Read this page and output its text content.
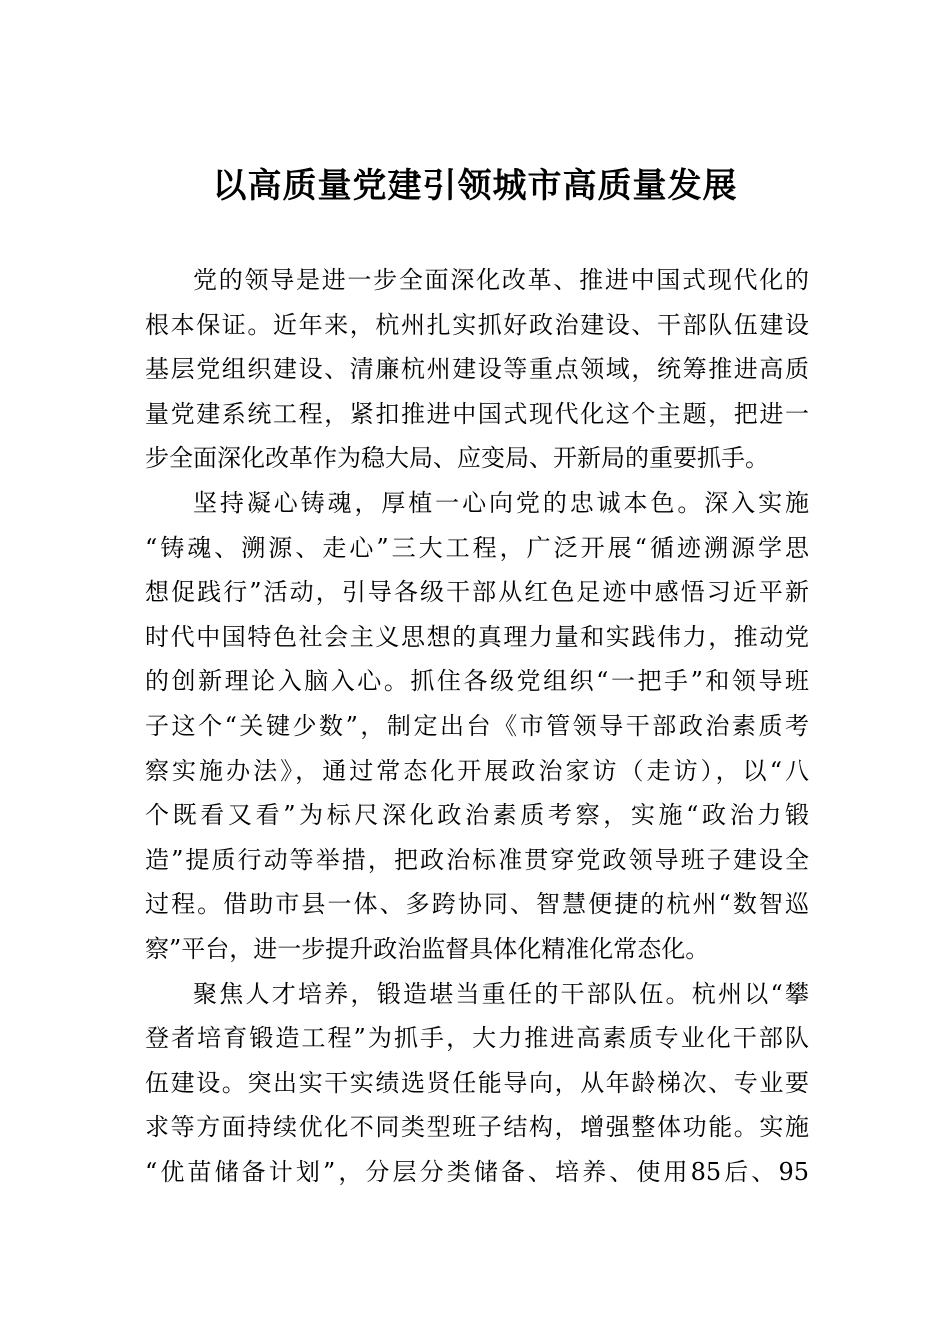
以高质量党建引领城市高质量发展
党的领导是进一步全面深化改革、推进中国式现代化的
根本保证。近年来，杭州扎实抓好政治建设、干部队伍建设
基层党组织建设、清廉杭州建设等重点领域，统筹推进高质
量党建系统工程，紧扣推进中国式现代化这个主题，把进一
步全面深化改革作为稳大局、应变局、开新局的重要抓手。
坚持凝心铸魂，厚植一心向党的忠诚本色。深入实施
“铸魂、溯源、走心”三大工程，广泛开展“循迹溯源学思
想促践行”活动，引导各级干部从红色足迹中感悟习近平新
时代中国特色社会主义思想的真理力量和实践伟力，推动党
的创新理论入脑入心。抓住各级党组织“一把手”和领导班
子这个“关键少数”，制定出台《市管领导干部政治素质考
察实施办法》，通过常态化开展政治家访（走访），以“八
个既看又看”为标尺深化政治素质考察，实施“政治力锻
造”提质行动等举措，把政治标准贯穿党政领导班子建设全
过程。借助市县一体、多跨协同、智慧便捷的杭州“数智巡
察”平台，进一步提升政治监督具体化精准化常态化。
聚焦人才培养，锻造堪当重任的干部队伍。杭州以“攀
登者培育锻造工程”为抓手，大力推进高素质专业化干部队
伍建设。突出实干实绩选贤任能导向，从年龄梯次、专业要
求等方面持续优化不同类型班子结构，增强整体功能。实施
“优苗储备计划”，分层分类储备、培养、使用85后、95
